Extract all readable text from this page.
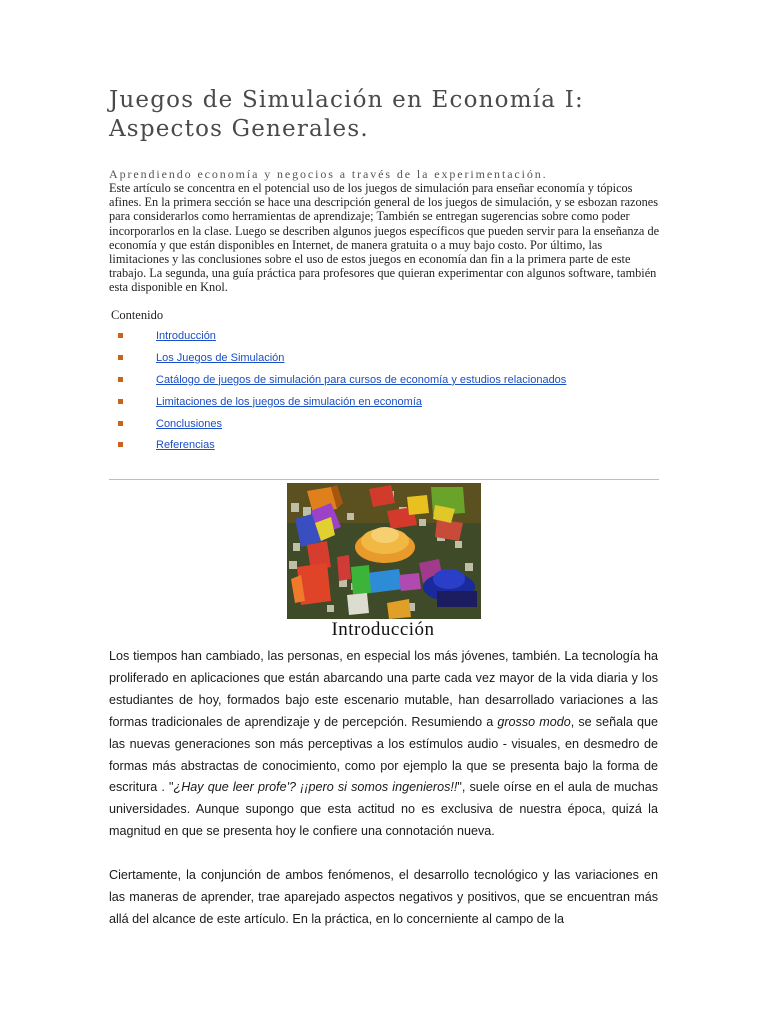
Juegos de Simulación en Economía I: Aspectos Generales.

Aprendiendo economía y negocios a través de la experimentación.

Este artículo se concentra en el potencial uso de los juegos de simulación para enseñar economía y tópicos afines. En la primera sección se hace una descripción general de los juegos de simulación, y se esbozan razones para considerarlos como herramientas de aprendizaje; También se entregan sugerencias sobre como poder incorporarlos en la clase. Luego se describen algunos juegos específicos que pueden servir para la enseñanza de economía y que están disponibles en Internet, de manera gratuita o a muy bajo costo. Por último, las limitaciones y las conclusiones sobre el uso de estos juegos en economía dan fin a la primera parte de este trabajo. La segunda, una guía práctica para profesores que quieran experimentar con algunos software, también esta disponible en Knol.

Contenido

Introducción
Los Juegos de Simulación
Catálogo de juegos de simulación para cursos de economía y estudios relacionados
Limitaciones de los juegos de simulación en economía
Conclusiones
Referencias
Introducción

Los tiempos han cambiado, las personas, en especial los más jóvenes, también. La tecnología ha proliferado en aplicaciones que están abarcando una parte cada vez mayor de la vida diaria y los estudiantes de hoy, formados bajo este escenario mutable, han desarrollado variaciones a las formas tradicionales de aprendizaje y de percepción. Resumiendo a grosso modo, se señala que las nuevas generaciones son más perceptivas a los estímulos audio - visuales, en desmedro de formas más abstractas de conocimiento, como por ejemplo la que se presenta bajo la forma de escritura . "¿Hay que leer profe'? ¡¡pero si somos ingenieros!!", suele oírse en el aula de muchas universidades. Aunque supongo que esta actitud no es exclusiva de nuestra época, quizá la magnitud en que se presenta hoy le confiere una connotación nueva.

Ciertamente, la conjunción de ambos fenómenos, el desarrollo tecnológico y las variaciones en las maneras de aprender, trae aparejado aspectos negativos y positivos, que se encuentran más allá del alcance de este artículo. En la práctica, en lo concerniente al campo de la
